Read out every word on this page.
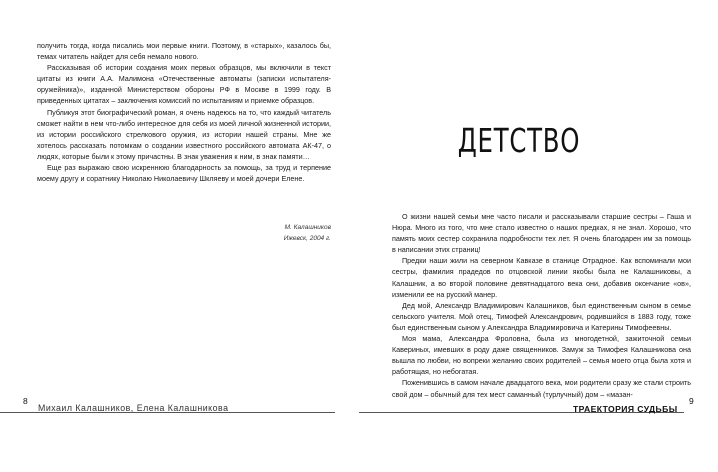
получить тогда, когда писались мои первые книги. Поэтому, в «старых», казалось бы, темах читатель найдет для себя немало нового.

Рассказывая об истории создания моих первых образцов, мы включили в текст цитаты из книги А.А. Малимона «Отечественные автоматы (записки испытателя-оружейника)», изданной Министерством обороны РФ в Москве в 1999 году. В приведенных цитатах – заключения комиссий по испытаниям и приемке образцов.

Публикуя этот биографический роман, я очень надеюсь на то, что каждый читатель сможет найти в нем что-либо интересное для себя из моей личной жизненной истории, из истории российского стрелкового оружия, из истории нашей страны. Мне же хотелось рассказать потомкам о создании известного российского автомата АК-47, о людях, которые были к этому причастны. В знак уважения к ним, в знак памяти…

Еще раз выражаю свою искреннюю благодарность за помощь, за труд и терпение моему другу и соратнику Николаю Николаевичу Шкляеву и моей дочери Елене.

М. Калашников
Ижевск, 2004 г.
8
Михаил Калашников, Елена Калашникова
ДЕТСТВО

О жизни нашей семьи мне часто писали и рассказывали старшие сестры – Гаша и Нюра. Много из того, что мне стало известно о наших предках, я не знал. Хорошо, что память моих сестер сохранила подробности тех лет. Я очень благодарен им за помощь в написании этих страниц!

Предки наши жили на северном Кавказе в станице Отрадное. Как вспоминали мои сестры, фамилия прадедов по отцовской линии якобы была не Калашниковы, а Калашник, а во второй половине девятнадцатого века они, добавив окончание «ов», изменили ее на русский манер.

Дед мой, Александр Владимирович Калашников, был единственным сыном в семье сельского учителя. Мой отец, Тимофей Александрович, родившийся в 1883 году, тоже был единственным сыном у Александра Владимировича и Катерины Тимофеевны.

Моя мама, Александра Фроловна, была из многодетной, зажиточной семьи Кавериных, имевших в роду даже священников. Замуж за Тимофея Калашникова она вышла по любви, но вопреки желанию своих родителей – семья моего отца была хотя и работящая, но небогатая.

Поженившись в самом начале двадцатого века, мои родители сразу же стали строить свой дом – обычный для тех мест саманный (турлучный) дом – «мазан-

9
ТРАЕКТОРИЯ СУДЬБЫ
